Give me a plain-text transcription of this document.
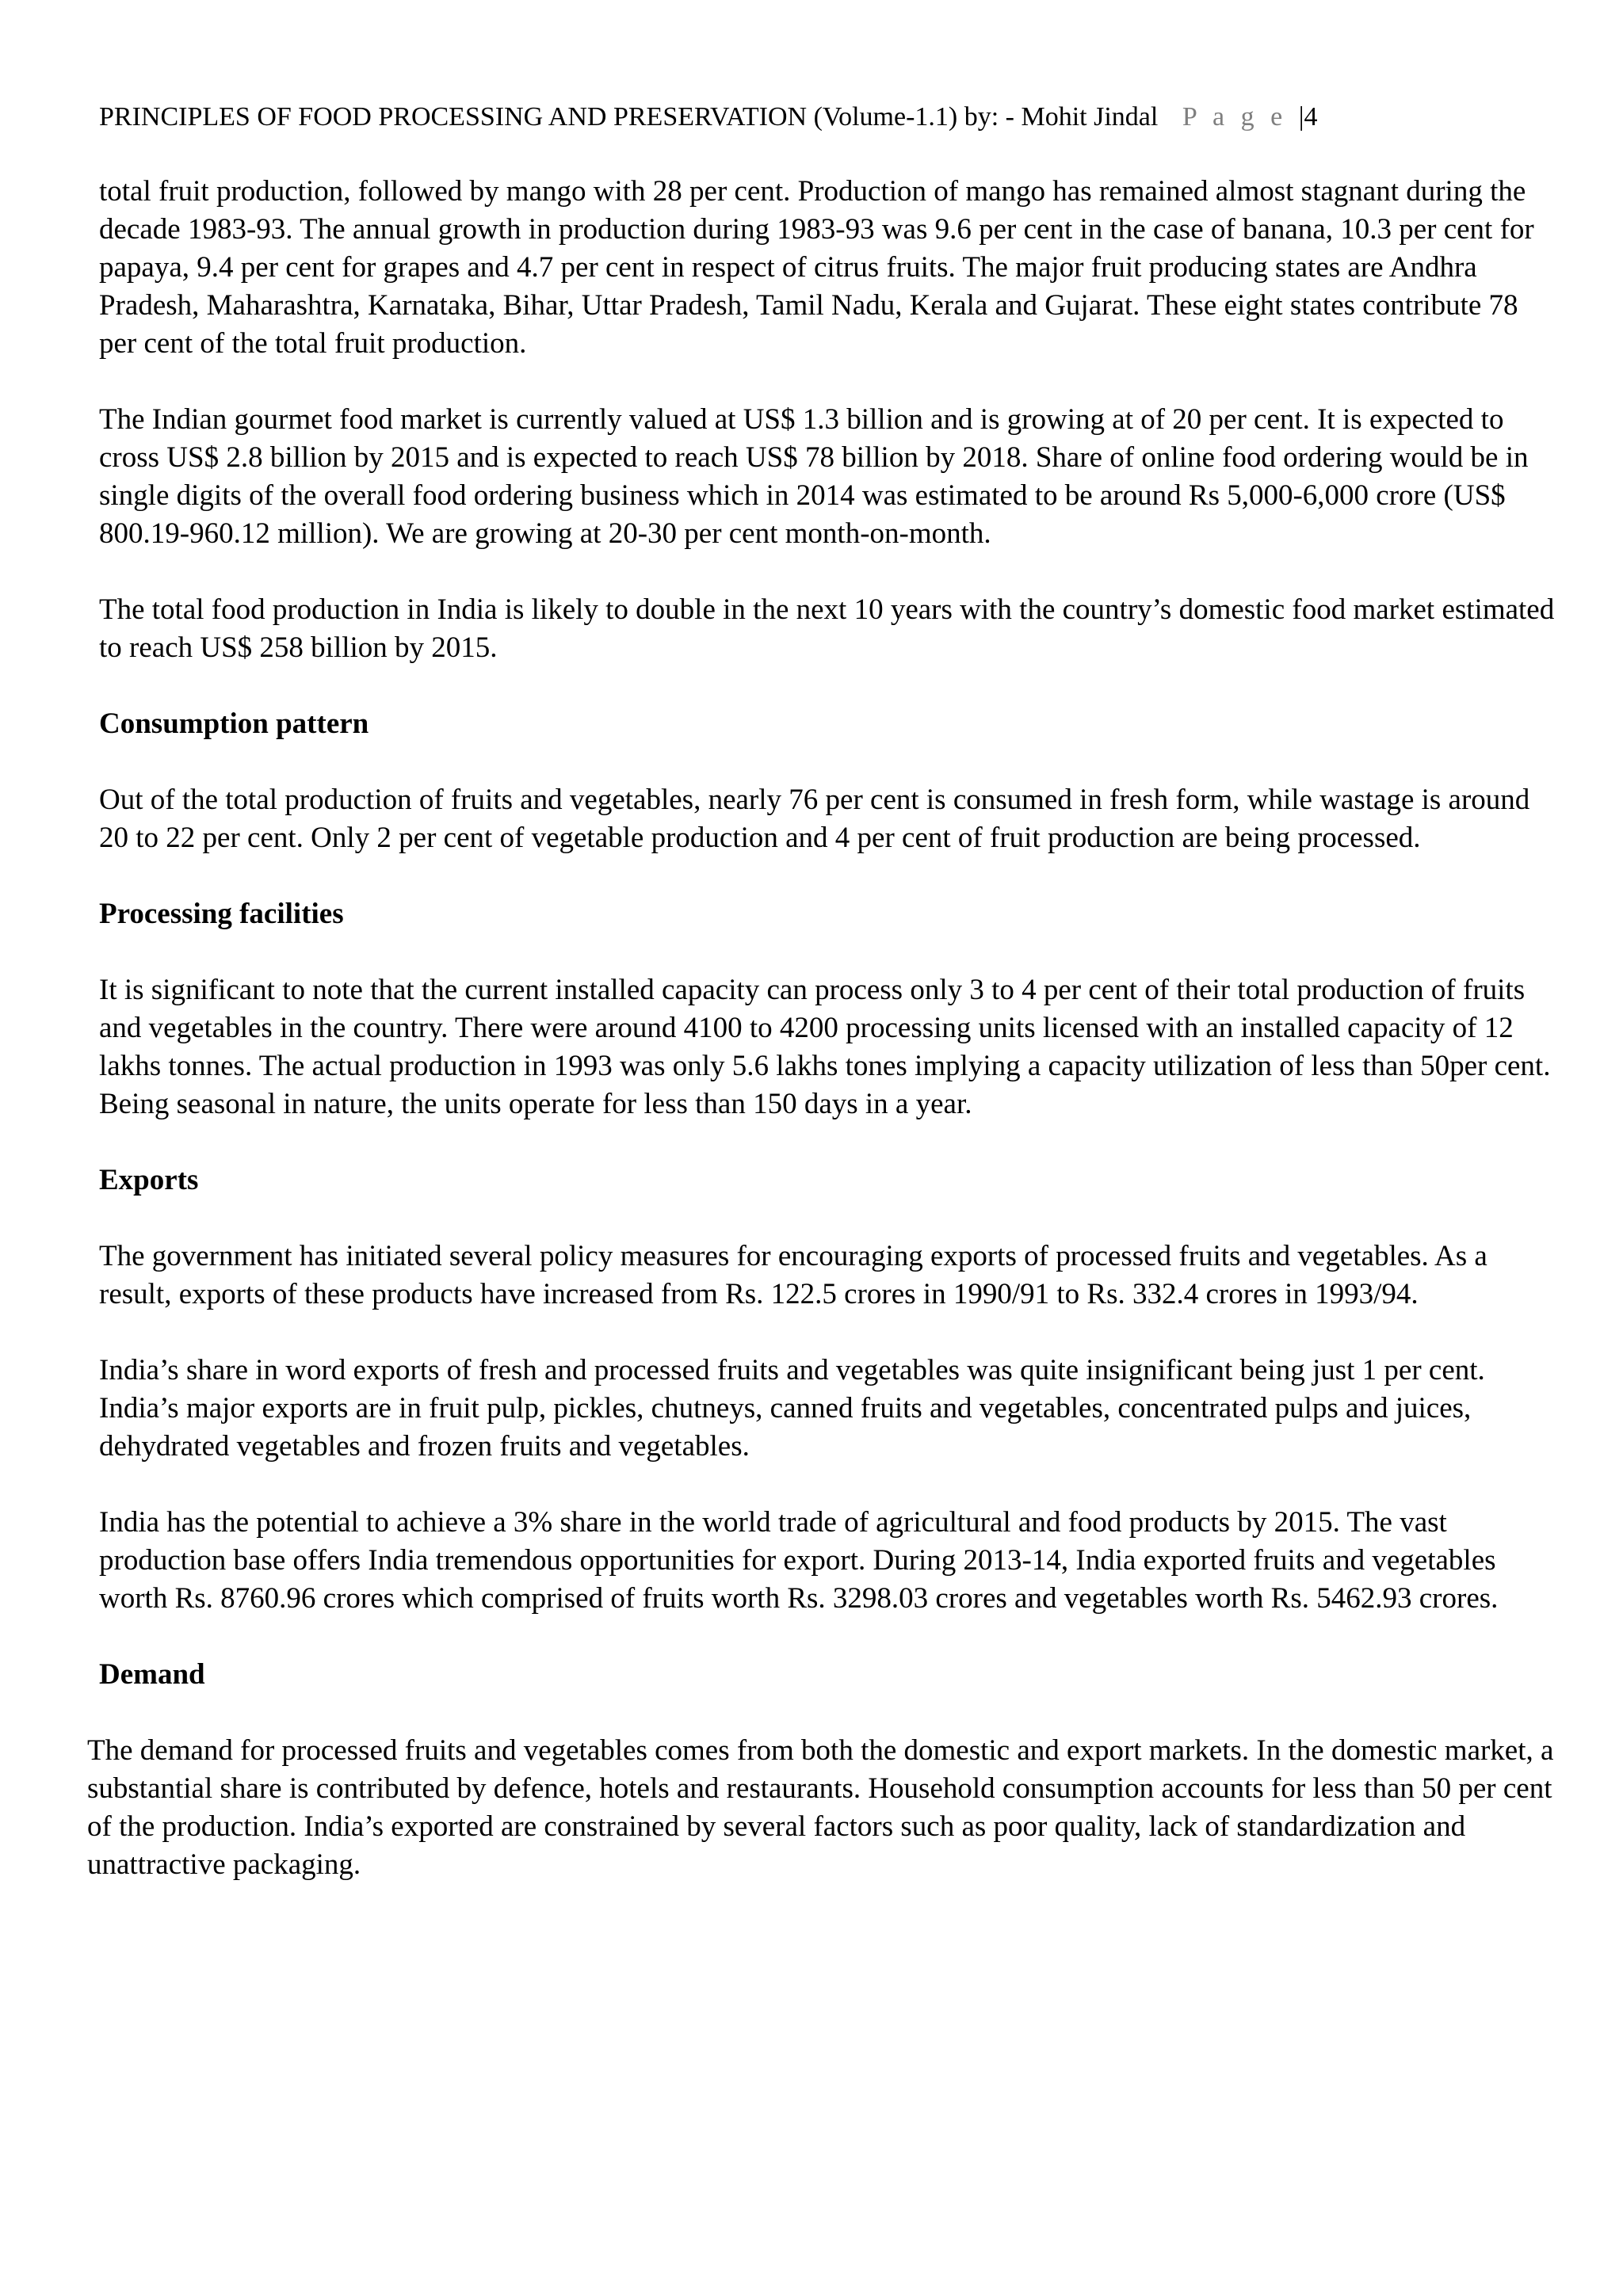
PRINCIPLES OF FOOD PROCESSING AND PRESERVATION (Volume-1.1) by: - Mohit Jindal P a g e |4

total fruit production, followed by mango with 28 per cent. Production of mango has remained almost stagnant during the decade 1983-93. The annual growth in production during 1983-93 was 9.6 per cent in the case of banana, 10.3 per cent for papaya, 9.4 per cent for grapes and 4.7 per cent in respect of citrus fruits. The major fruit producing states are Andhra Pradesh, Maharashtra, Karnataka, Bihar, Uttar Pradesh, Tamil Nadu, Kerala and Gujarat. These eight states contribute 78 per cent of the total fruit production.

The Indian gourmet food market is currently valued at US$ 1.3 billion and is growing at of 20 per cent. It is expected to cross US$ 2.8 billion by 2015 and is expected to reach US$ 78 billion by 2018. Share of online food ordering would be in single digits of the overall food ordering business which in 2014 was estimated to be around Rs 5,000-6,000 crore (US$ 800.19-960.12 million). We are growing at 20-30 per cent month-on-month.

The total food production in India is likely to double in the next 10 years with the country’s domestic food market estimated to reach US$ 258 billion by 2015.

Consumption pattern

Out of the total production of fruits and vegetables, nearly 76 per cent is consumed in fresh form, while wastage is around 20 to 22 per cent. Only 2 per cent of vegetable production and 4 per cent of fruit production are being processed.

Processing facilities

It is significant to note that the current installed capacity can process only 3 to 4 per cent of their total production of fruits and vegetables in the country. There were around 4100 to 4200 processing units licensed with an installed capacity of 12 lakhs tonnes. The actual production in 1993 was only 5.6 lakhs tones implying a capacity utilization of less than 50per cent. Being seasonal in nature, the units operate for less than 150 days in a year.

Exports

The government has initiated several policy measures for encouraging exports of processed fruits and vegetables. As a result, exports of these products have increased from Rs. 122.5 crores in 1990/91 to Rs. 332.4 crores in 1993/94.

India’s share in word exports of fresh and processed fruits and vegetables was quite insignificant being just 1 per cent. India’s major exports are in fruit pulp, pickles, chutneys, canned fruits and vegetables, concentrated pulps and juices, dehydrated vegetables and frozen fruits and vegetables.

India has the potential to achieve a 3% share in the world trade of agricultural and food products by 2015. The vast production base offers India tremendous opportunities for export. During 2013-14, India exported fruits and vegetables worth Rs. 8760.96 crores which comprised of fruits worth Rs. 3298.03 crores and vegetables worth Rs. 5462.93 crores.

Demand

The demand for processed fruits and vegetables comes from both the domestic and export markets. In the domestic market, a substantial share is contributed by defence, hotels and restaurants. Household consumption accounts for less than 50 per cent of the production. India’s exported are constrained by several factors such as poor quality, lack of standardization and unattractive packaging.
